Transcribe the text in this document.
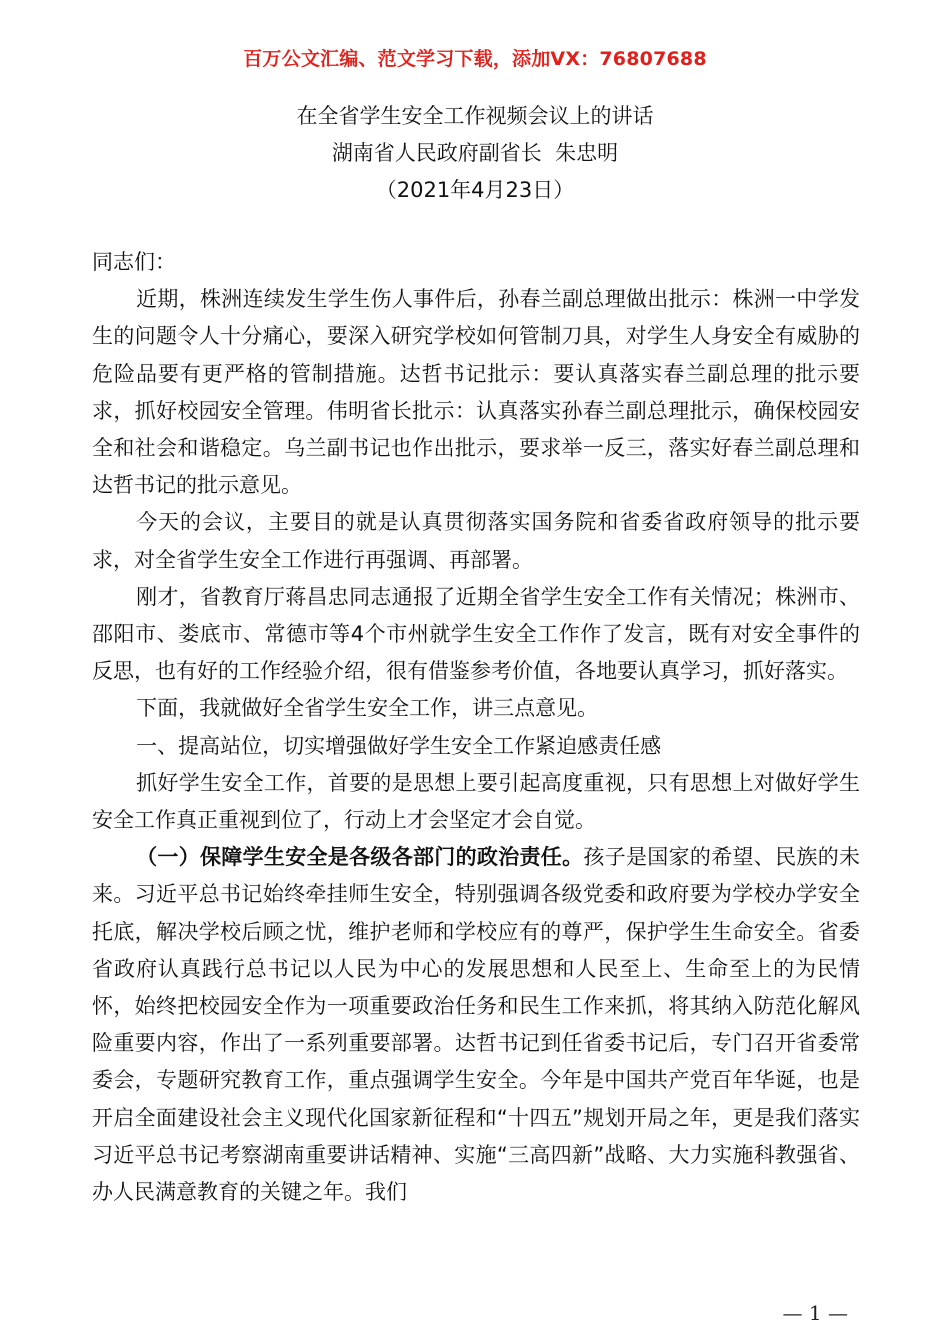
百万公文汇编、范文学习下载，添加VX：76807688
在全省学生安全工作视频会议上的讲话
湖南省人民政府副省长  朱忠明
（2021年4月23日）

同志们：

近期，株洲连续发生学生伤人事件后，孙春兰副总理做出批示：株洲一中学发生的问题令人十分痛心，要深入研究学校如何管制刀具，对学生人身安全有威胁的危险品要有更严格的管制措施。达哲书记批示：要认真落实春兰副总理的批示要求，抓好校园安全管理。伟明省长批示：认真落实孙春兰副总理批示，确保校园安全和社会和谐稳定。乌兰副书记也作出批示，要求举一反三，落实好春兰副总理和达哲书记的批示意见。

今天的会议，主要目的就是认真贯彻落实国务院和省委省政府领导的批示要求，对全省学生安全工作进行再强调、再部署。

刚才，省教育厅蒋昌忠同志通报了近期全省学生安全工作有关情况；株洲市、邵阳市、娄底市、常德市等4个市州就学生安全工作作了发言，既有对安全事件的反思，也有好的工作经验介绍，很有借鉴参考价值，各地要认真学习，抓好落实。

下面，我就做好全省学生安全工作，讲三点意见。

一、提高站位，切实增强做好学生安全工作紧迫感责任感

抓好学生安全工作，首要的是思想上要引起高度重视，只有思想上对做好学生安全工作真正重视到位了，行动上才会坚定才会自觉。

（一）保障学生安全是各级各部门的政治责任。孩子是国家的希望、民族的未来。习近平总书记始终牵挂师生安全，特别强调各级党委和政府要为学校办学安全托底，解决学校后顾之忧，维护老师和学校应有的尊严，保护学生生命安全。省委省政府认真践行总书记以人民为中心的发展思想和人民至上、生命至上的为民情怀，始终把校园安全作为一项重要政治任务和民生工作来抓，将其纳入防范化解风险重要内容，作出了一系列重要部署。达哲书记到任省委书记后，专门召开省委常委会，专题研究教育工作，重点强调学生安全。今年是中国共产党百年华诞，也是开启全面建设社会主义现代化国家新征程和“十四五”规划开局之年，更是我们落实习近平总书记考察湖南重要讲话精神、实施“三高四新”战略、大力实施科教强省、办人民满意教育的关键之年。我们

— 1 —
